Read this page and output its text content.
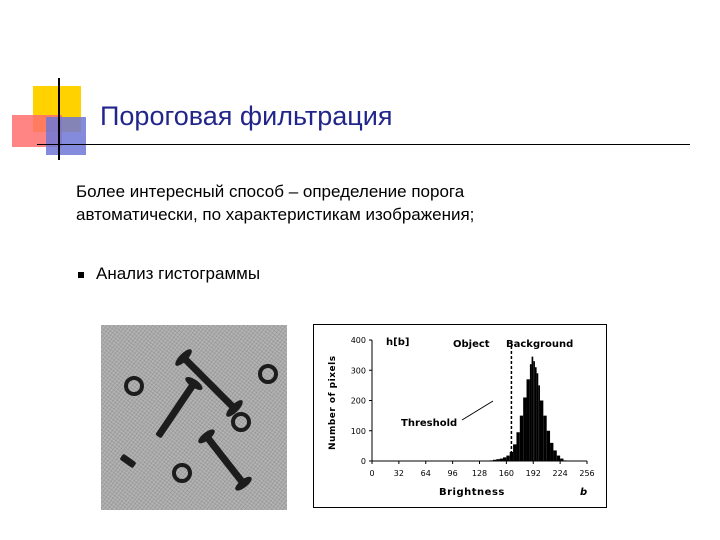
Пороговая фильтрация
Более интересный способ – определение порога
автоматически, по характеристикам изображения;
Анализ гистограммы
Number of pixels
h[b]	Object Background
Threshold
Brightness	b
0
100
200
300
400
0 32 64 96 128 160 192 224 256
